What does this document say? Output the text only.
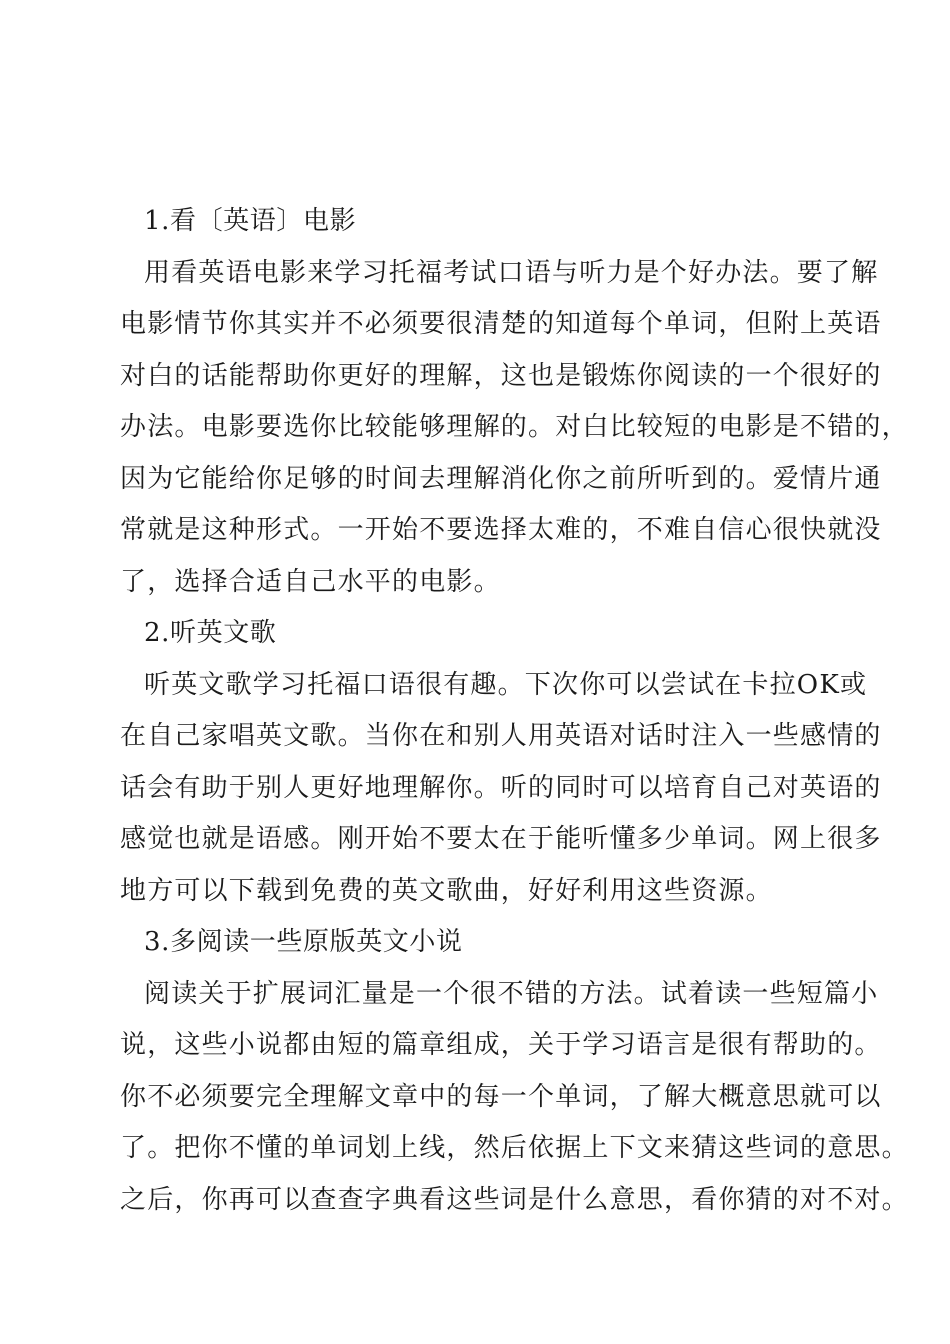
1.看〔英语〕电影
用看英语电影来学习托福考试口语与听力是个好办法。要了解
电影情节你其实并不必须要很清楚的知道每个单词，但附上英语
对白的话能帮助你更好的理解，这也是锻炼你阅读的一个很好的
办法。电影要选你比较能够理解的。对白比较短的电影是不错的，
因为它能给你足够的时间去理解消化你之前所听到的。爱情片通
常就是这种形式。一开始不要选择太难的，不难自信心很快就没
了，选择合适自己水平的电影。
2.听英文歌
听英文歌学习托福口语很有趣。下次你可以尝试在卡拉OK或
在自己家唱英文歌。当你在和别人用英语对话时注入一些感情的
话会有助于别人更好地理解你。听的同时可以培育自己对英语的
感觉也就是语感。刚开始不要太在于能听懂多少单词。网上很多
地方可以下载到免费的英文歌曲，好好利用这些资源。
3.多阅读一些原版英文小说
阅读关于扩展词汇量是一个很不错的方法。试着读一些短篇小
说，这些小说都由短的篇章组成，关于学习语言是很有帮助的。
你不必须要完全理解文章中的每一个单词，了解大概意思就可以
了。把你不懂的单词划上线，然后依据上下文来猜这些词的意思。
之后，你再可以查查字典看这些词是什么意思，看你猜的对不对。
